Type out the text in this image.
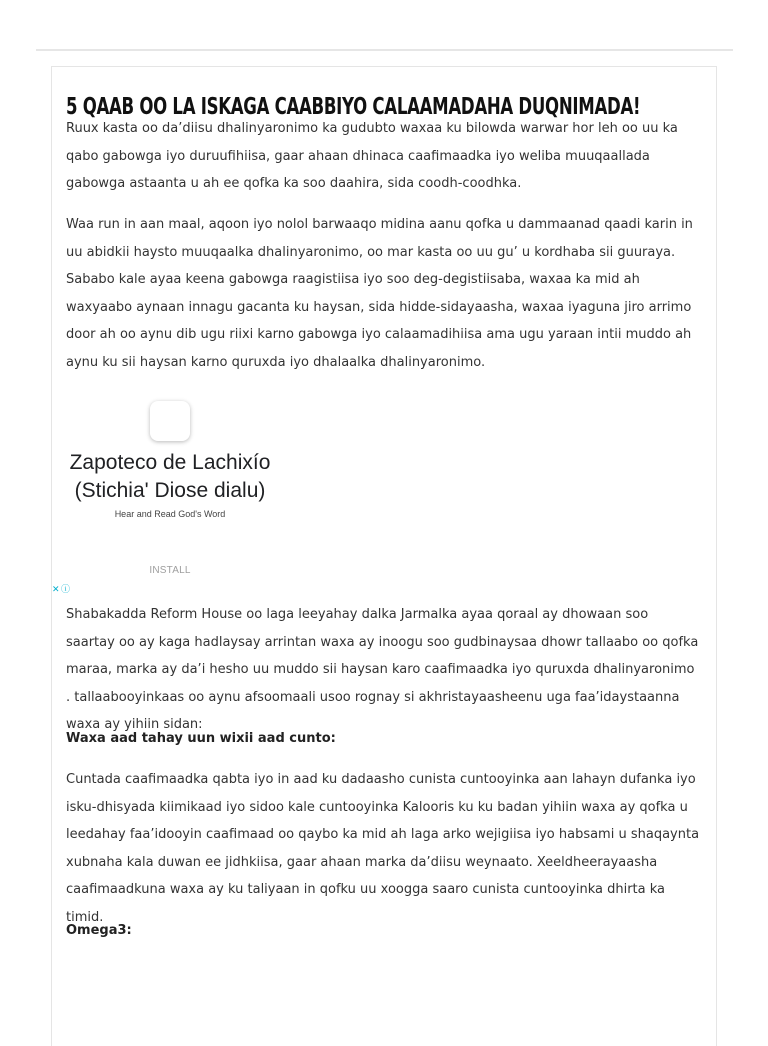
5 QAAB OO LA ISKAGA CAABBIYO CALAAMADAHA DUQNIMADA!

Ruux kasta oo da’diisu dhalinyaronimo ka gudubto waxaa ku bilowda warwar hor leh oo uu ka qabo gabowga iyo duruufihiisa, gaar ahaan dhinaca caafimaadka iyo weliba muuqaallada gabowga astaanta u ah ee qofka ka soo daahira, sida coodh-coodhka.

Waa run in aan maal, aqoon iyo nolol barwaaqo midina aanu qofka u dammaanad qaadi karin in uu abidkii haysto muuqaalka dhalinyaronimo, oo mar kasta oo uu gu’ u kordhaba sii guuraya. Sababo kale ayaa keena gabowga raagistiisa iyo soo deg-degistiisaba, waxaa ka mid ah waxyaabo aynaan innagu gacanta ku haysan, sida hidde-sidayaasha, waxaa iyaguna jiro arrimo door ah oo aynu dib ugu riixi karno gabowga iyo calaamadihiisa ama ugu yaraan intii muddo ah aynu ku sii haysan karno quruxda iyo dhalaalka dhalinyaronimo.

Zapoteco de Lachixío (Stichia' Diose dialu)
Hear and Read God's Word
INSTALL
✕ ⓘ

Shabakadda Reform House oo laga leeyahay dalka Jarmalka ayaa qoraal ay dhowaan soo saartay oo ay kaga hadlaysay arrintan waxa ay inoogu soo gudbinaysaa dhowr tallaabo oo qofka maraa, marka ay da’i hesho uu muddo sii haysan karo caafimaadka iyo quruxda dhalinyaronimo . tallaabooyinkaas oo aynu afsoomaali usoo rognay si akhristayaasheenu uga faa’idaystaanna waxa ay yihiin sidan:

Waxa aad tahay uun wixii aad cunto:

Cuntada caafimaadka qabta iyo in aad ku dadaasho cunista cuntooyinka aan lahayn dufanka iyo isku-dhisyada kiimikaad iyo sidoo kale cuntooyinka Kalooris ku ku badan yihiin waxa ay qofka u leedahay faa’idooyin caafimaad oo qaybo ka mid ah laga arko wejigiisa iyo habsami u shaqaynta xubnaha kala duwan ee jidhkiisa, gaar ahaan marka da’diisu weynaato. Xeeldheerayaasha caafimaadkuna waxa ay ku taliyaan in qofku uu xoogga saaro cunista cuntooyinka dhirta ka timid.

Omega3:
